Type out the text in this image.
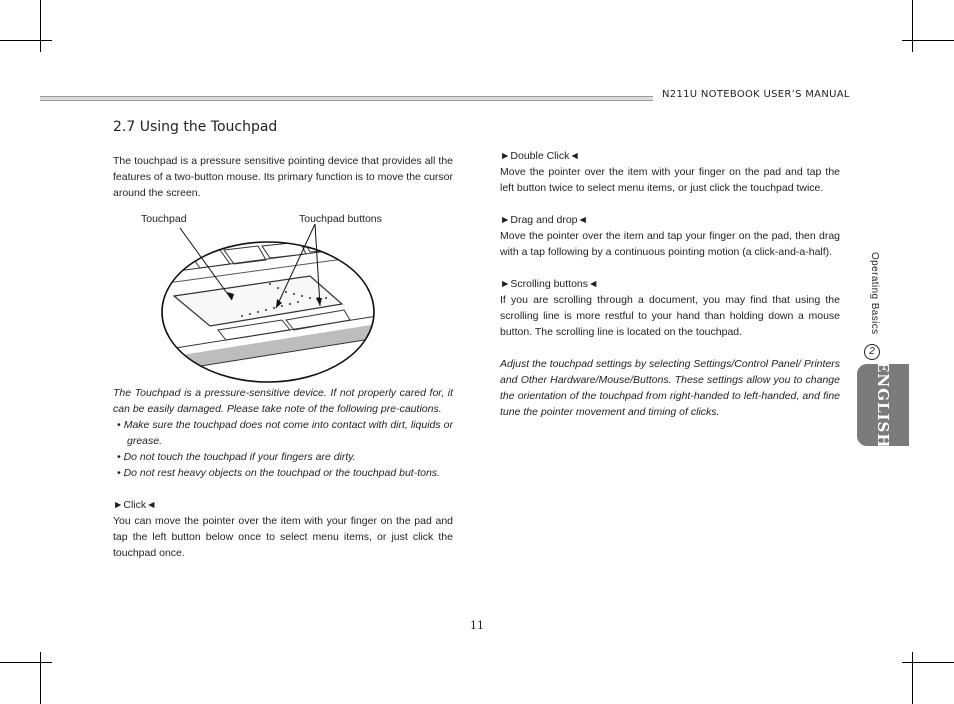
N211U NOTEBOOK USER’S MANUAL
2.7 Using the Touchpad

The touchpad is a pressure sensitive pointing device that provides all the features of a two-button mouse. Its primary function is to move the cursor around the screen.

Touchpad	Touchpad buttons

The Touchpad is a pressure-sensitive device. If not properly cared for, it can be easily damaged. Please take note of the following pre-cautions.

• Make sure the touchpad does not come into contact with dirt, liquids or grease.

• Do not touch the touchpad if your fingers are dirty.

• Do not rest heavy objects on the touchpad or the touchpad but-tons.

►Click◄

You can move the pointer over the item with your finger on the pad and tap the left button below once to select menu items, or just click the touchpad once.

►Double Click◄

Move the pointer over the item with your finger on the pad and tap the left button twice to select menu items, or just click the touchpad twice.

►Drag and drop◄

Move the pointer over the item and tap your finger on the pad, then drag with a tap following by a continuous pointing motion (a click-and-a-half).

►Scrolling buttons◄

If you are scrolling through a document, you may find that using the scrolling line is more restful to your hand than holding down a mouse button. The scrolling line is located on the touchpad.

Adjust the touchpad settings by selecting Settings/Control Panel/ Printers and Other Hardware/Mouse/Buttons. These settings allow you to change the orientation of the touchpad from right-handed to left-handed, and fine tune the pointer movement and timing of clicks.

Operating Basics
2
ENGLISH
11
